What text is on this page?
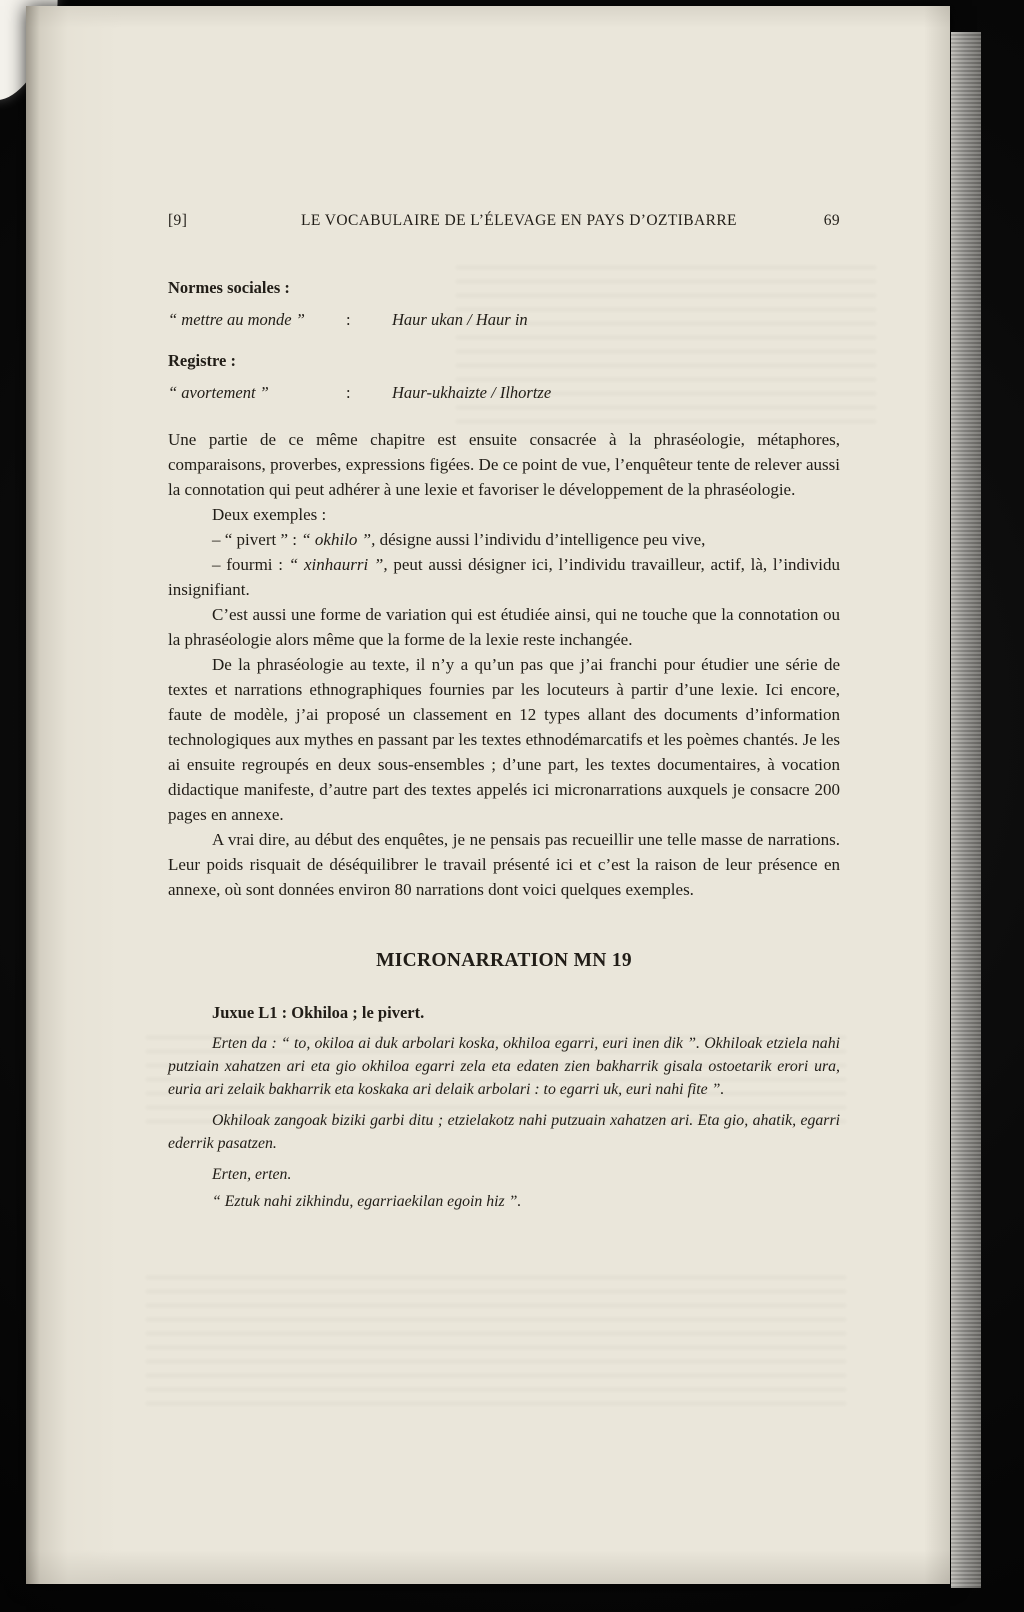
[9]	LE VOCABULAIRE DE L’ÉLEVAGE EN PAYS D’OZTIBARRE	69

Normes sociales :

“ mettre au monde ”	:	Haur ukan / Haur in

Registre :

“ avortement ”	:	Haur-ukhaizte / Ilhortze

Une partie de ce même chapitre est ensuite consacrée à la phraséologie, métaphores, comparaisons, proverbes, expressions figées. De ce point de vue, l’enquêteur tente de relever aussi la connotation qui peut adhérer à une lexie et favoriser le développement de la phraséologie.

Deux exemples :

– “ pivert ” : “ okhilo ”, désigne aussi l’individu d’intelligence peu vive,

– fourmi : “ xinhaurri ”, peut aussi désigner ici, l’individu travailleur, actif, là, l’individu insignifiant.

C’est aussi une forme de variation qui est étudiée ainsi, qui ne touche que la connotation ou la phraséologie alors même que la forme de la lexie reste inchangée.

De la phraséologie au texte, il n’y a qu’un pas que j’ai franchi pour étudier une série de textes et narrations ethnographiques fournies par les locuteurs à partir d’une lexie. Ici encore, faute de modèle, j’ai proposé un classement en 12 types allant des documents d’information technologiques aux mythes en passant par les textes ethnodémarcatifs et les poèmes chantés. Je les ai ensuite regroupés en deux sous-ensembles ; d’une part, les textes documentaires, à vocation didactique manifeste, d’autre part des textes appelés ici micronarrations auxquels je consacre 200 pages en annexe.

A vrai dire, au début des enquêtes, je ne pensais pas recueillir une telle masse de narrations. Leur poids risquait de déséquilibrer le travail présenté ici et c’est la raison de leur présence en annexe, où sont données environ 80 narrations dont voici quelques exemples.

MICRONARRATION MN 19

Juxue L1 : Okhiloa ; le pivert.

Erten da : “ to, okiloa ai duk arbolari koska, okhiloa egarri, euri inen dik ”. Okhiloak etziela nahi putziain xahatzen ari eta gio okhiloa egarri zela eta edaten zien bakharrik gisala ostoetarik erori ura, euria ari zelaik bakharrik eta koskaka ari delaik arbolari : to egarri uk, euri nahi fite ”.

Okhiloak zangoak biziki garbi ditu ; etzielakotz nahi putzuain xahatzen ari. Eta gio, ahatik, egarri ederrik pasatzen.

Erten, erten.

“ Eztuk nahi zikhindu, egarriaekilan egoin hiz ”.
